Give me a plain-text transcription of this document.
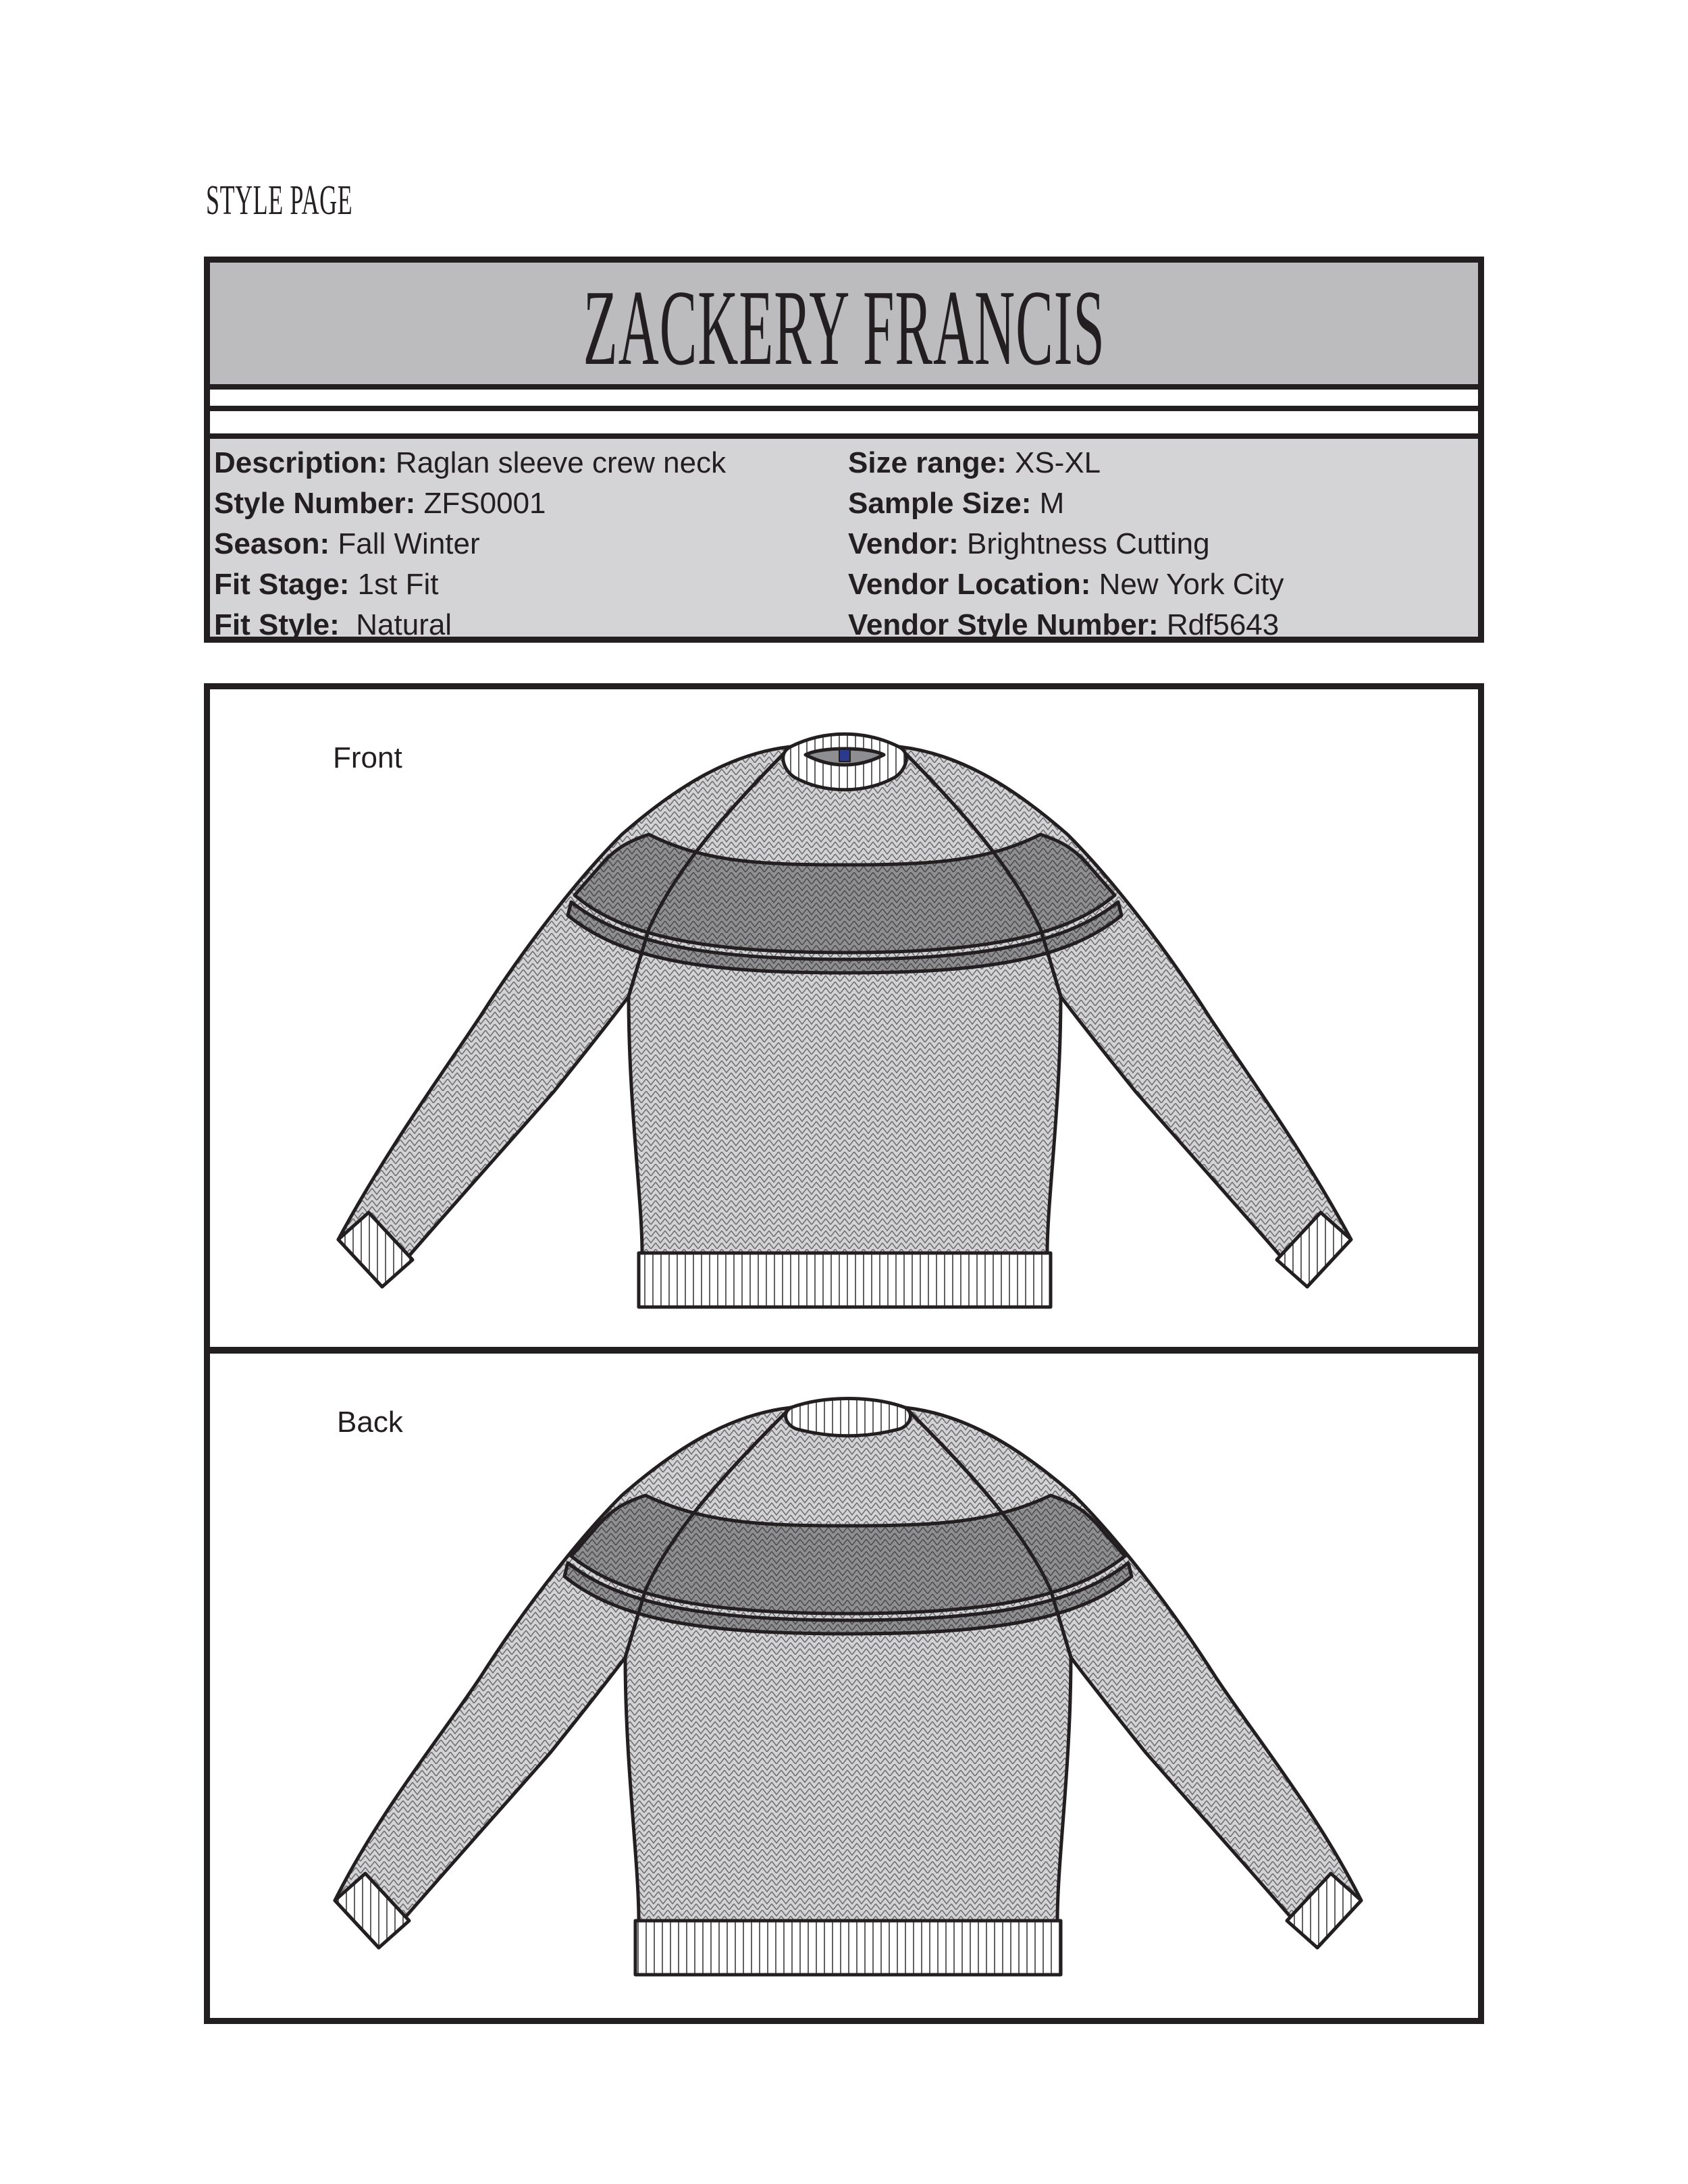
STYLE PAGE
ZACKERY FRANCIS
Description: Raglan sleeve crew neck
Style Number: ZFS0001
Season: Fall Winter
Fit Stage: 1st Fit
Fit Style:  Natural
Size range: XS-XL
Sample Size: M
Vendor: Brightness Cutting
Vendor Location: New York City
Vendor Style Number: Rdf5643
Front
Back
